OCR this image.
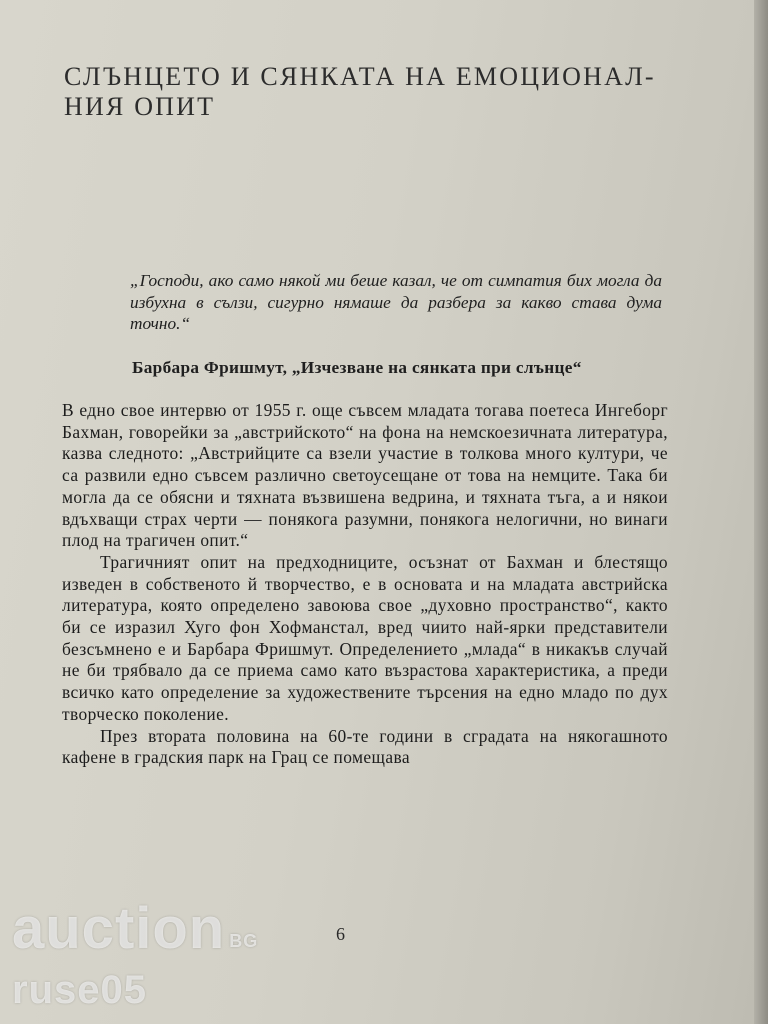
СЛЪНЦЕТО И СЯНКАТА НА ЕМОЦИОНАЛ-НИЯ ОПИТ

„Господи, ако само някой ми беше казал, че от симпатия бих могла да избухна в сълзи, сигурно нямаше да разбера за какво става дума точно.“

Барбара Фришмут, „Изчезване на сянката при слънце“

В едно свое интервю от 1955 г. още съвсем младата тогава поетеса Ингеборг Бахман, говорейки за „австрийското“ на фона на немскоезичната литература, казва следното: „Австрийците са взели участие в толкова много култури, че са развили едно съвсем различно светоусещане от това на немците. Така би могла да се обясни и тяхната възвишена ведрина, и тяхната тъга, а и някои вдъхващи страх черти — понякога разумни, понякога нелогични, но винаги плод на трагичен опит.“

Трагичният опит на предходниците, осъзнат от Бахман и блестящо изведен в собственото й творчество, е в основата и на младата австрийска литература, която определено завоюва свое „духовно пространство“, както би се изразил Хуго фон Хофманстал, вред чиито най-ярки представители безсъмнено е и Барбара Фришмут. Определението „млада“ в никакъв случай не би трябвало да се приема само като възрастова характеристика, а преди всичко като определение за художествените търсения на едно младо по дух творческо поколение.

През втората половина на 60-те години в сградата на някогашното кафене в градския парк на Грац се помещава

6
auction $^{BG}$
ruse05
